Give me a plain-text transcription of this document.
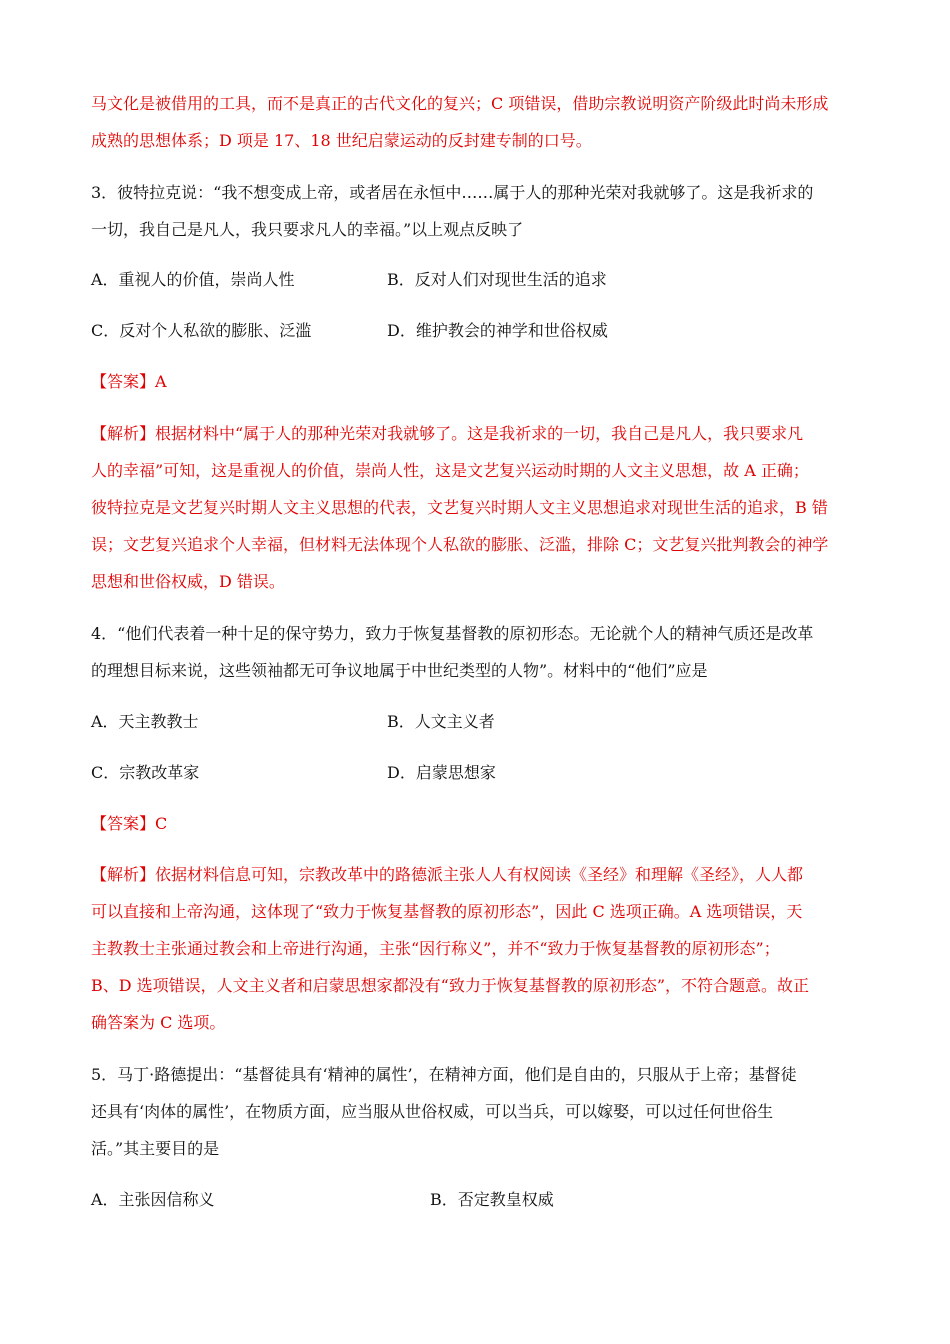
马文化是被借用的工具，而不是真正的古代文化的复兴；C 项错误，借助宗教说明资产阶级此时尚未形成
成熟的思想体系；D 项是 17、18 世纪启蒙运动的反封建专制的口号。
3．彼特拉克说：“我不想变成上帝，或者居在永恒中……属于人的那种光荣对我就够了。这是我祈求的
一切，我自己是凡人，我只要求凡人的幸福。”以上观点反映了
A．重视人的价值，崇尚人性	B．反对人们对现世生活的追求
C．反对个人私欲的膨胀、泛滥	D．维护教会的神学和世俗权威
【答案】A
【解析】根据材料中“属于人的那种光荣对我就够了。这是我祈求的一切，我自己是凡人，我只要求凡
人的幸福”可知，这是重视人的价值，崇尚人性，这是文艺复兴运动时期的人文主义思想，故 A 正确；
彼特拉克是文艺复兴时期人文主义思想的代表，文艺复兴时期人文主义思想追求对现世生活的追求，B 错
误；文艺复兴追求个人幸福，但材料无法体现个人私欲的膨胀、泛滥，排除 C；文艺复兴批判教会的神学
思想和世俗权威，D 错误。
4．“他们代表着一种十足的保守势力，致力于恢复基督教的原初形态。无论就个人的精神气质还是改革
的理想目标来说，这些领袖都无可争议地属于中世纪类型的人物”。材料中的“他们”应是
A．天主教教士	B．人文主义者
C．宗教改革家	D．启蒙思想家
【答案】C
【解析】依据材料信息可知，宗教改革中的路德派主张人人有权阅读《圣经》和理解《圣经》，人人都
可以直接和上帝沟通，这体现了“致力于恢复基督教的原初形态”，因此 C 选项正确。A 选项错误，天
主教教士主张通过教会和上帝进行沟通，主张“因行称义”，并不“致力于恢复基督教的原初形态”；
B、D 选项错误，人文主义者和启蒙思想家都没有“致力于恢复基督教的原初形态”，不符合题意。故正
确答案为 C 选项。
5．马丁·路德提出：“基督徒具有‘精神的属性’，在精神方面，他们是自由的，只服从于上帝；基督徒
还具有‘肉体的属性’，在物质方面，应当服从世俗权威，可以当兵，可以嫁娶，可以过任何世俗生
活。”其主要目的是
A．主张因信称义	B．否定教皇权威
